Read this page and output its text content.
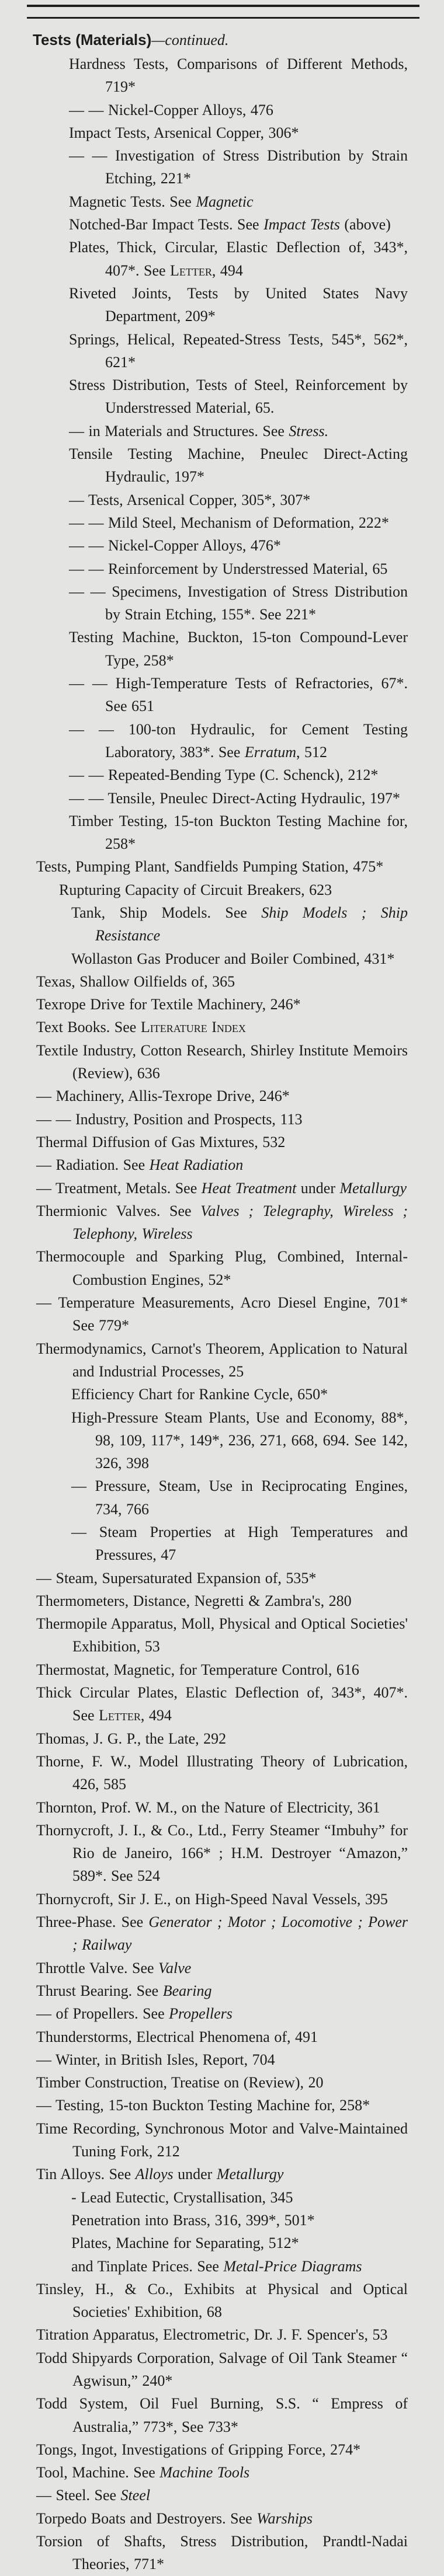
Tests (Materials)—continued.
Hardness Tests, Comparisons of Different Methods, 719*
— — Nickel-Copper Alloys, 476
Impact Tests, Arsenical Copper, 306*
— — Investigation of Stress Distribution by Strain Etching, 221*
Magnetic Tests. See Magnetic
Notched-Bar Impact Tests. See Impact Tests (above)
Plates, Thick, Circular, Elastic Deflection of, 343*, 407*. See Letter, 494
Riveted Joints, Tests by United States Navy Department, 209*
Springs, Helical, Repeated-Stress Tests, 545*, 562*, 621*
Stress Distribution, Tests of Steel, Reinforcement by Understressed Material, 65.
— in Materials and Structures. See Stress.
Tensile Testing Machine, Pneulec Direct-Acting Hydraulic, 197*
— Tests, Arsenical Copper, 305*, 307*
— — Mild Steel, Mechanism of Deformation, 222*
— — Nickel-Copper Alloys, 476*
— — Reinforcement by Understressed Material, 65
— — Specimens, Investigation of Stress Distribution by Strain Etching, 155*. See 221*
Testing Machine, Buckton, 15-ton Compound-Lever Type, 258*
— — High-Temperature Tests of Refractories, 67*. See 651
— — 100-ton Hydraulic, for Cement Testing Laboratory, 383*. See Erratum, 512
— — Repeated-Bending Type (C. Schenck), 212*
— — Tensile, Pneulec Direct-Acting Hydraulic, 197*
Timber Testing, 15-ton Buckton Testing Machine for, 258*
Tests, Pumping Plant, Sandfields Pumping Station, 475*
Rupturing Capacity of Circuit Breakers, 623
Tank, Ship Models. See Ship Models ; Ship Resistance
Wollaston Gas Producer and Boiler Combined, 431*
Texas, Shallow Oilfields of, 365
Texrope Drive for Textile Machinery, 246*
Text Books. See Literature Index
Textile Industry, Cotton Research, Shirley Institute Memoirs (Review), 636
— Machinery, Allis-Texrope Drive, 246*
— — Industry, Position and Prospects, 113
Thermal Diffusion of Gas Mixtures, 532
— Radiation. See Heat Radiation
— Treatment, Metals. See Heat Treatment under Metallurgy
Thermionic Valves. See Valves ; Telegraphy, Wireless ; Telephony, Wireless
Thermocouple and Sparking Plug, Combined, Internal-Combustion Engines, 52*
— Temperature Measurements, Acro Diesel Engine, 701* See 779*
Thermodynamics, Carnot's Theorem, Application to Natural and Industrial Processes, 25
Efficiency Chart for Rankine Cycle, 650*
High-Pressure Steam Plants, Use and Economy, 88*, 98, 109, 117*, 149*, 236, 271, 668, 694. See 142, 326, 398
— Pressure, Steam, Use in Reciprocating Engines, 734, 766
— Steam Properties at High Temperatures and Pressures, 47
— Steam, Supersaturated Expansion of, 535*
Thermometers, Distance, Negretti & Zambra's, 280
Thermopile Apparatus, Moll, Physical and Optical Societies' Exhibition, 53
Thermostat, Magnetic, for Temperature Control, 616
Thick Circular Plates, Elastic Deflection of, 343*, 407*. See Letter, 494
Thomas, J. G. P., the Late, 292
Thorne, F. W., Model Illustrating Theory of Lubrication, 426, 585
Thornton, Prof. W. M., on the Nature of Electricity, 361
Thornycroft, J. I., & Co., Ltd., Ferry Steamer “Imbuhy” for Rio de Janeiro, 166* ; H.M. Destroyer “Amazon,” 589*. See 524
Thornycroft, Sir J. E., on High-Speed Naval Vessels, 395
Three-Phase. See Generator ; Motor ; Locomotive ; Power ; Railway
Throttle Valve. See Valve
Thrust Bearing. See Bearing
— of Propellers. See Propellers
Thunderstorms, Electrical Phenomena of, 491
— Winter, in British Isles, Report, 704
Timber Construction, Treatise on (Review), 20
— Testing, 15-ton Buckton Testing Machine for, 258*
Time Recording, Synchronous Motor and Valve-Maintained Tuning Fork, 212
Tin Alloys. See Alloys under Metallurgy
- Lead Eutectic, Crystallisation, 345
Penetration into Brass, 316, 399*, 501*
Plates, Machine for Separating, 512*
and Tinplate Prices. See Metal-Price Diagrams
Tinsley, H., & Co., Exhibits at Physical and Optical Societies' Exhibition, 68
Titration Apparatus, Electrometric, Dr. J. F. Spencer's, 53
Todd Shipyards Corporation, Salvage of Oil Tank Steamer “ Agwisun,” 240*
Todd System, Oil Fuel Burning, S.S. “ Empress of Australia,” 773*, See 733*
Tongs, Ingot, Investigations of Gripping Force, 274*
Tool, Machine. See Machine Tools
— Steel. See Steel
Torpedo Boats and Destroyers. See Warships
Torsion of Shafts, Stress Distribution, Prandtl-Nadai Theories, 771*
